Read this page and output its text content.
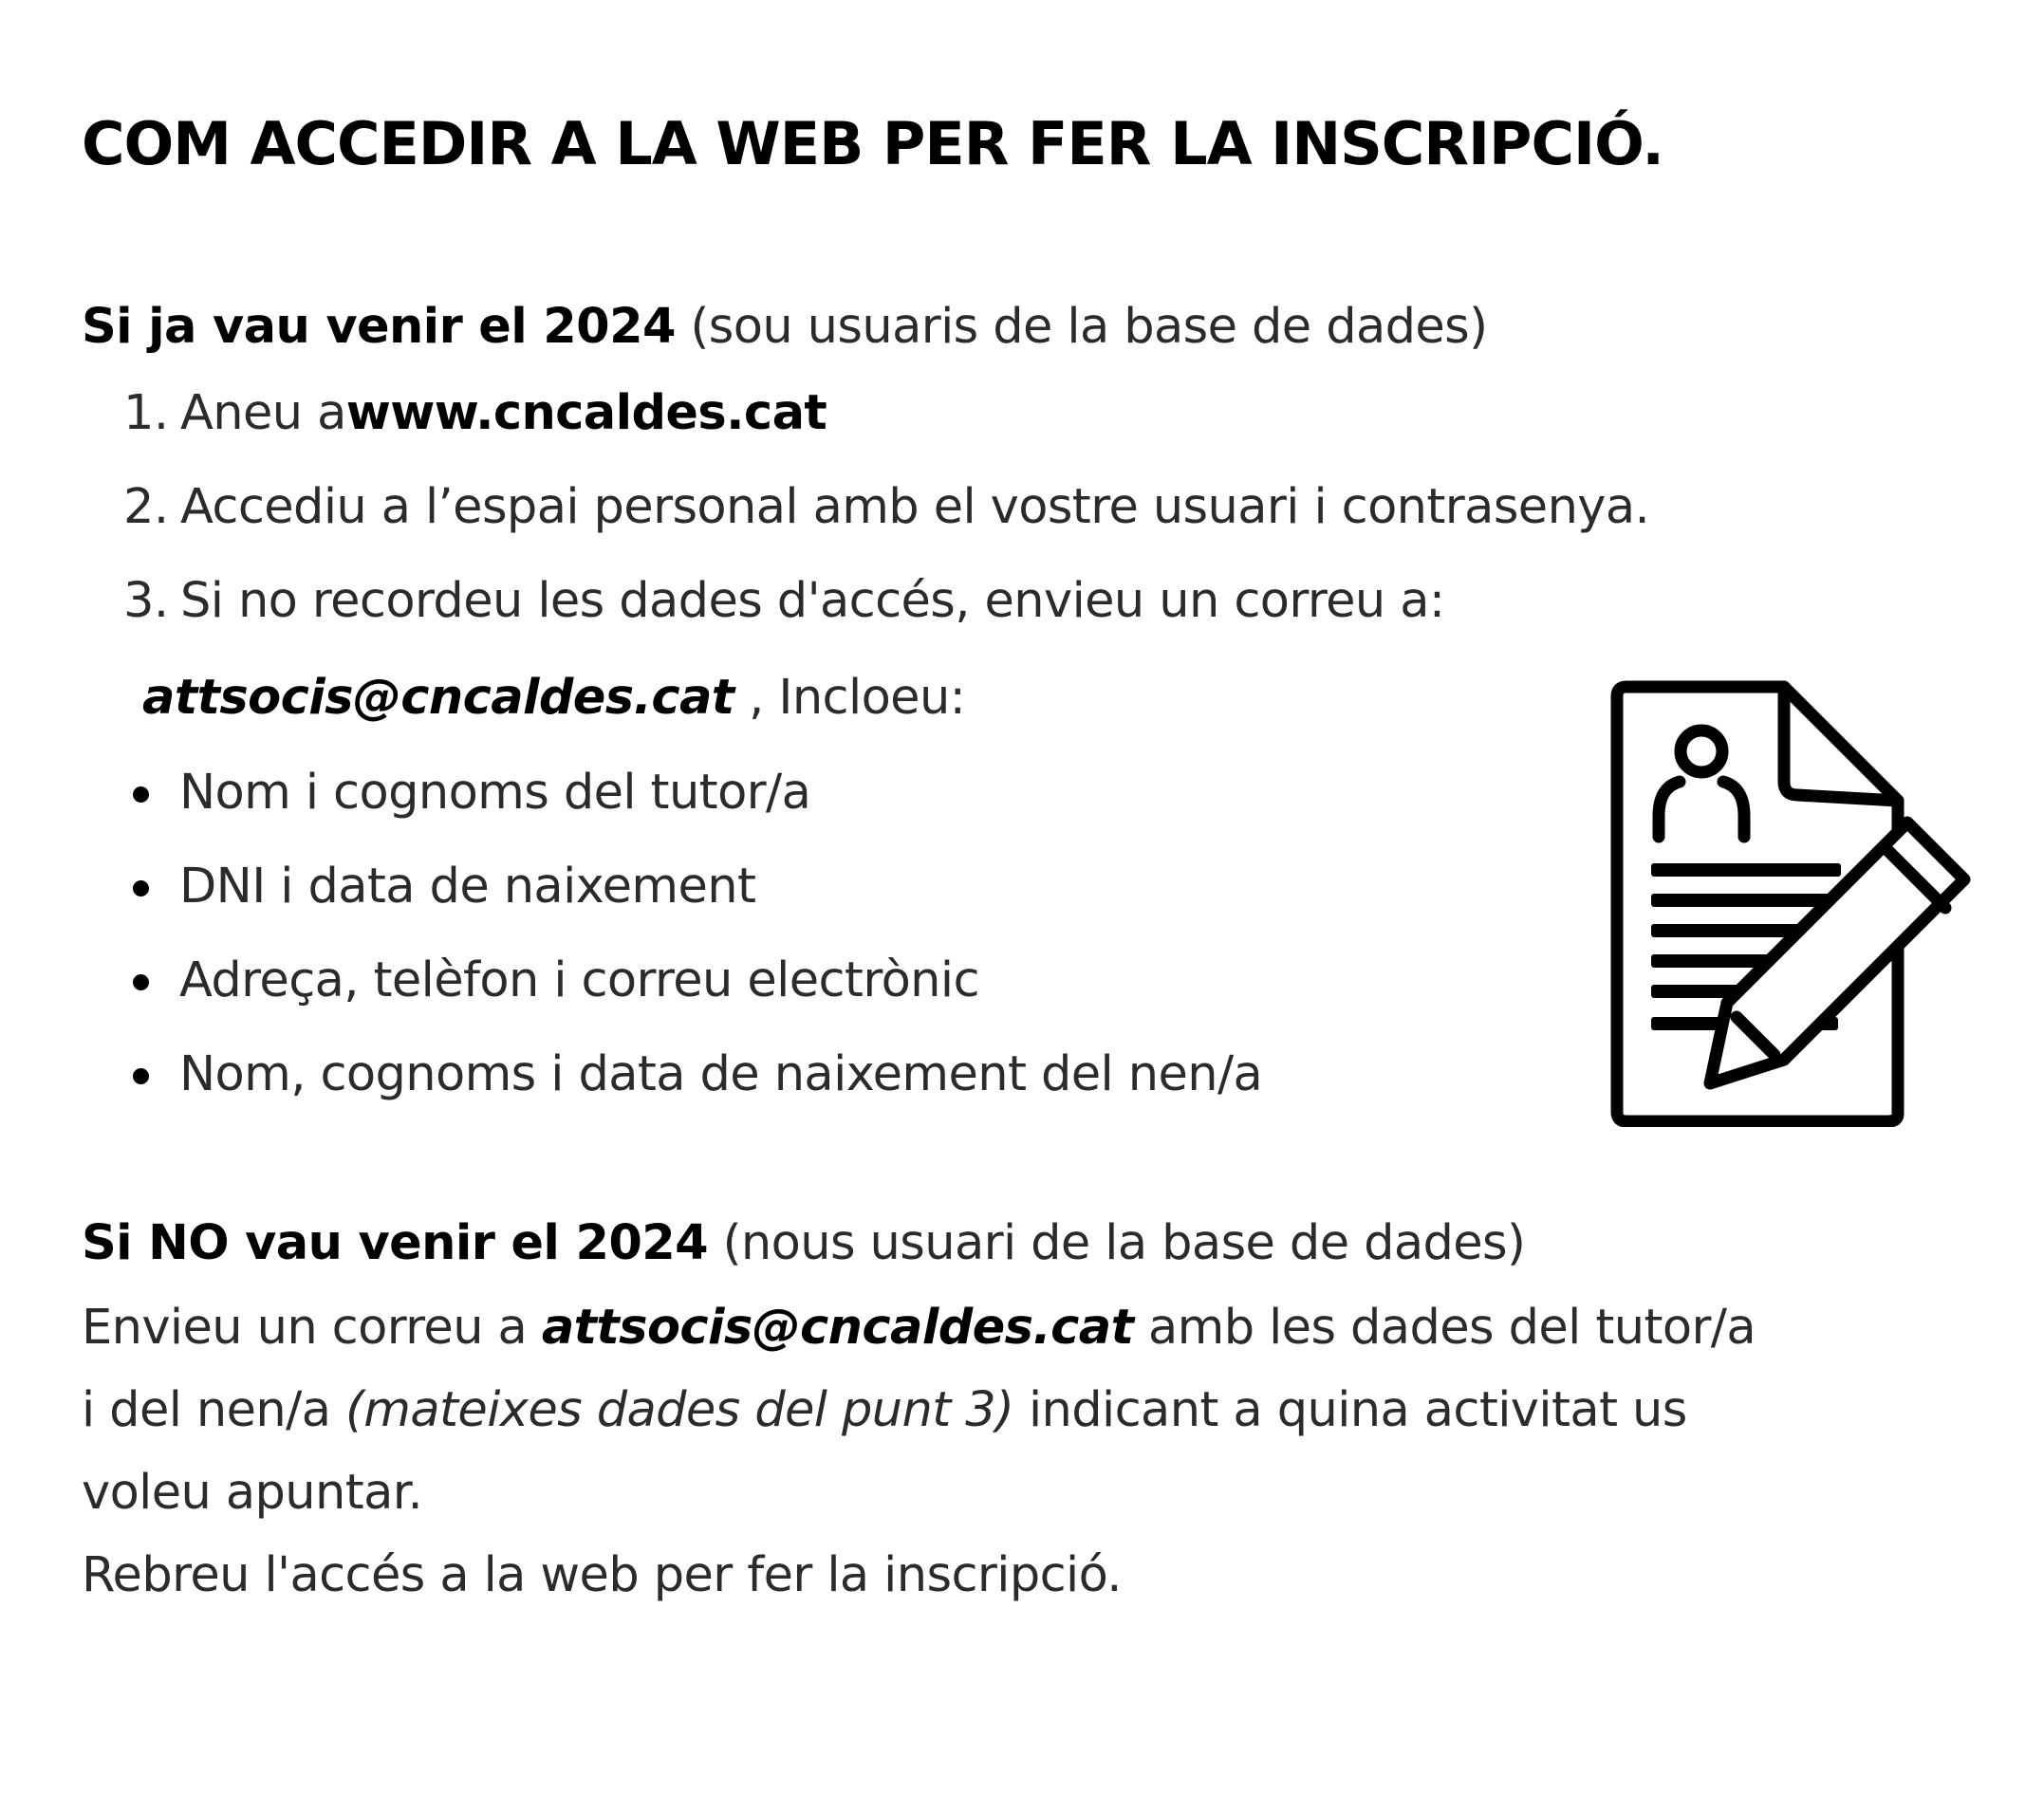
COM ACCEDIR A LA WEB PER FER LA INSCRIPCIÓ.

Si ja vau venir el 2024 (sou usuaris de la base de dades)

1. Aneu a www.cncaldes.cat
2. Accediu a l’espai personal amb el vostre usuari i contrasenya.
3. Si no recordeu les dades d'accés, envieu un correu a:

attsocis@cncaldes.cat , Incloeu:

Nom i cognoms del tutor/a
DNI i data de naixement
Adreça, telèfon i correu electrònic
Nom, cognoms i data de naixement del nen/a

Si NO vau venir el 2024 (nous usuari de la base de dades)

Envieu un correu a attsocis@cncaldes.cat amb les dades del tutor/a
i del nen/a (mateixes dades del punt 3) indicant a quina activitat us
voleu apuntar.
Rebreu l'accés a la web per fer la inscripció.
